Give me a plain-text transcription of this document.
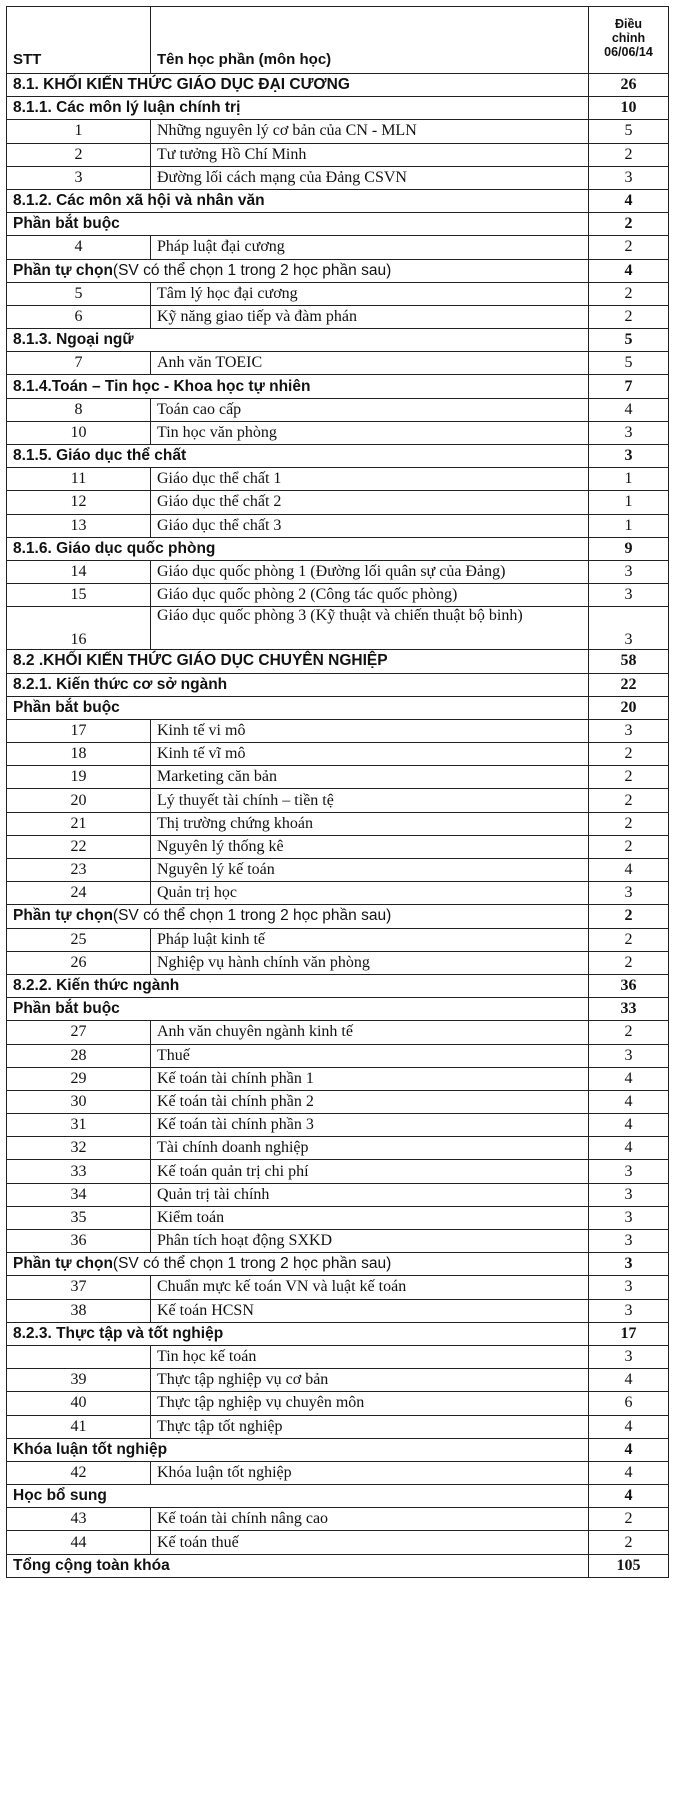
STT	Tên học phần (môn học)	Điều
chỉnh
06/06/14

8.1. KHỐI KIẾN THỨC GIÁO DỤC ĐẠI CƯƠNG		26
8.1.1. Các môn lý luận chính trị		10
1	Những nguyên lý cơ bản của CN - MLN	5
2	Tư tưởng Hồ Chí Minh	2
3	Đường lối cách mạng của Đảng CSVN	3
8.1.2. Các môn xã hội và nhân văn		4
Phần bắt buộc		2
4	Pháp luật đại cương	2
Phần tự chọn(SV có thể chọn 1 trong 2 học phần sau)		4
5	Tâm lý học đại cương	2
6	Kỹ năng giao tiếp và đàm phán	2
8.1.3. Ngoại ngữ		5
7	Anh văn TOEIC	5
8.1.4.Toán – Tin học - Khoa học tự nhiên		7
8	Toán cao cấp	4
10	Tin học văn phòng	3
8.1.5. Giáo dục thể chất		3
11	Giáo dục thể chất 1	1
12	Giáo dục thể chất 2	1
13	Giáo dục thể chất 3	1
8.1.6. Giáo dục quốc phòng		9
14	Giáo dục quốc phòng 1 (Đường lối quân sự của Đảng)	3
15	Giáo dục quốc phòng 2 (Công tác quốc phòng)	3
16	Giáo dục quốc phòng 3 (Kỹ thuật và chiến thuật bộ binh)	3
8.2 .KHỐI KIẾN THỨC GIÁO DỤC CHUYÊN NGHIỆP		58
8.2.1. Kiến thức cơ sở ngành		22
Phần bắt buộc		20
17	Kinh tế vi mô	3
18	Kinh tế vĩ mô	2
19	Marketing căn bản	2
20	Lý thuyết tài chính – tiền tệ	2
21	Thị trường chứng khoán	2
22	Nguyên lý thống kê	2
23	Nguyên lý kế toán	4
24	Quản trị học	3
Phần tự chọn(SV có thể chọn 1 trong 2 học phần sau)		2
25	Pháp luật kinh tế	2
26	Nghiệp vụ hành chính văn phòng	2
8.2.2. Kiến thức ngành		36
Phần bắt buộc		33
27	Anh văn chuyên ngành kinh tế	2
28	Thuế	3
29	Kế toán tài chính phần 1	4
30	Kế toán tài chính phần 2	4
31	Kế toán tài chính phần 3	4
32	Tài chính doanh nghiệp	4
33	Kế toán quản trị chi phí	3
34	Quản trị tài chính	3
35	Kiểm toán	3
36	Phân tích hoạt động SXKD	3
Phần tự chọn(SV có thể chọn 1 trong 2 học phần sau)		3
37	Chuẩn mực kế toán VN và luật kế toán	3
38	Kế toán HCSN	3
8.2.3. Thực tập và tốt nghiệp		17
	Tin học kế toán	3
39	Thực tập nghiệp vụ cơ bản	4
40	Thực tập nghiệp vụ chuyên môn	6
41	Thực tập tốt nghiệp	4
Khóa luận tốt nghiệp		4
42	Khóa luận tốt nghiệp	4
Học bổ sung		4
43	Kế toán tài chính nâng cao	2
44	Kế toán thuế	2
Tổng cộng toàn khóa		105
